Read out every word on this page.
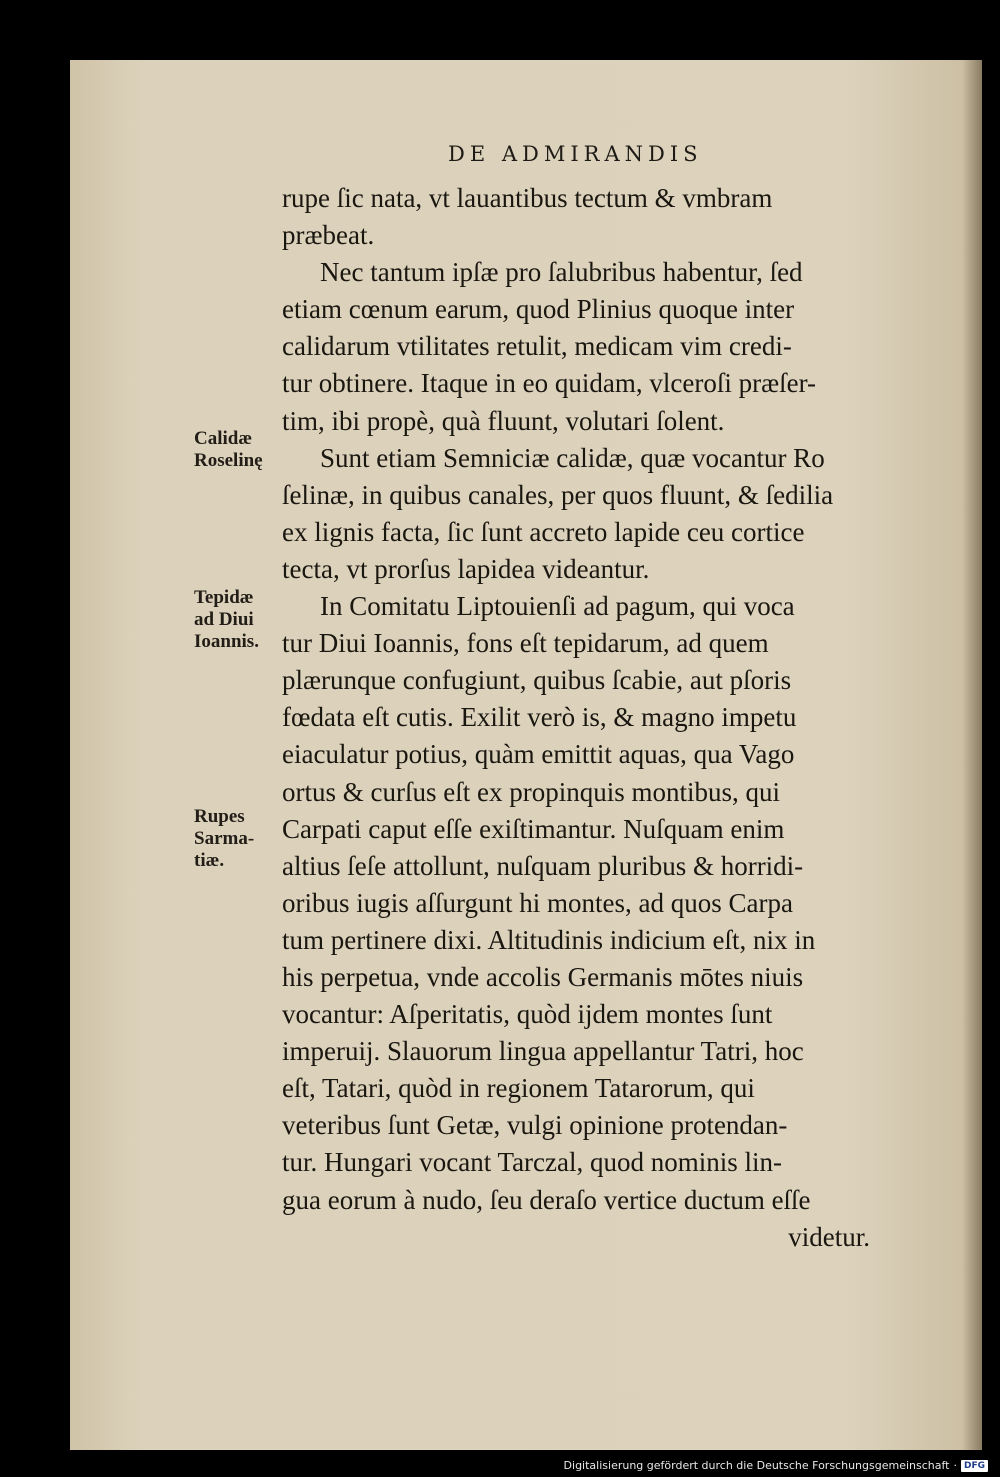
DE ADMIRANDIS
Calidæ
Roselinę
Tepidæ
ad Diui
Ioannis.
Rupes
Sarma-
tiæ.
rupe ſic nata, vt lauantibus tectum & vmbram
præbeat.
Nec tantum ipſæ pro ſalubribus habentur, ſed
etiam cœnum earum, quod Plinius quoque inter
calidarum vtilitates retulit, medicam vim credi-
tur obtinere. Itaque in eo quidam, vlceroſi præſer-
tim, ibi propè, quà fluunt, volutari ſolent.
Sunt etiam Semniciæ calidæ, quæ vocantur Ro
ſelinæ, in quibus canales, per quos fluunt, & ſedilia
ex lignis facta, ſic ſunt accreto lapide ceu cortice
tecta, vt prorſus lapidea videantur.
In Comitatu Liptouienſi ad pagum, qui voca
tur Diui Ioannis, fons eſt tepidarum, ad quem
plærunque confugiunt, quibus ſcabie, aut pſoris
fœdata eſt cutis. Exilit verò is, & magno impetu
eiaculatur potius, quàm emittit aquas, qua Vago
ortus & curſus eſt ex propinquis montibus, qui
Carpati caput eſſe exiſtimantur. Nuſquam enim
altius ſeſe attollunt, nuſquam pluribus & horridi-
oribus iugis aſſurgunt hi montes, ad quos Carpa
tum pertinere dixi. Altitudinis indicium eſt, nix in
his perpetua, vnde accolis Germanis mōtes niuis
vocantur: Aſperitatis, quòd ijdem montes ſunt
imperuij. Slauorum lingua appellantur Tatri, hoc
eſt, Tatari, quòd in regionem Tatarorum, qui
veteribus ſunt Getæ, vulgi opinione protendan-
tur. Hungari vocant Tarczal, quod nominis lin-
gua eorum à nudo, ſeu deraſo vertice ductum eſſe
videtur.
Digitalisierung gefördert durch die Deutsche Forschungsgemeinschaft · DFG
